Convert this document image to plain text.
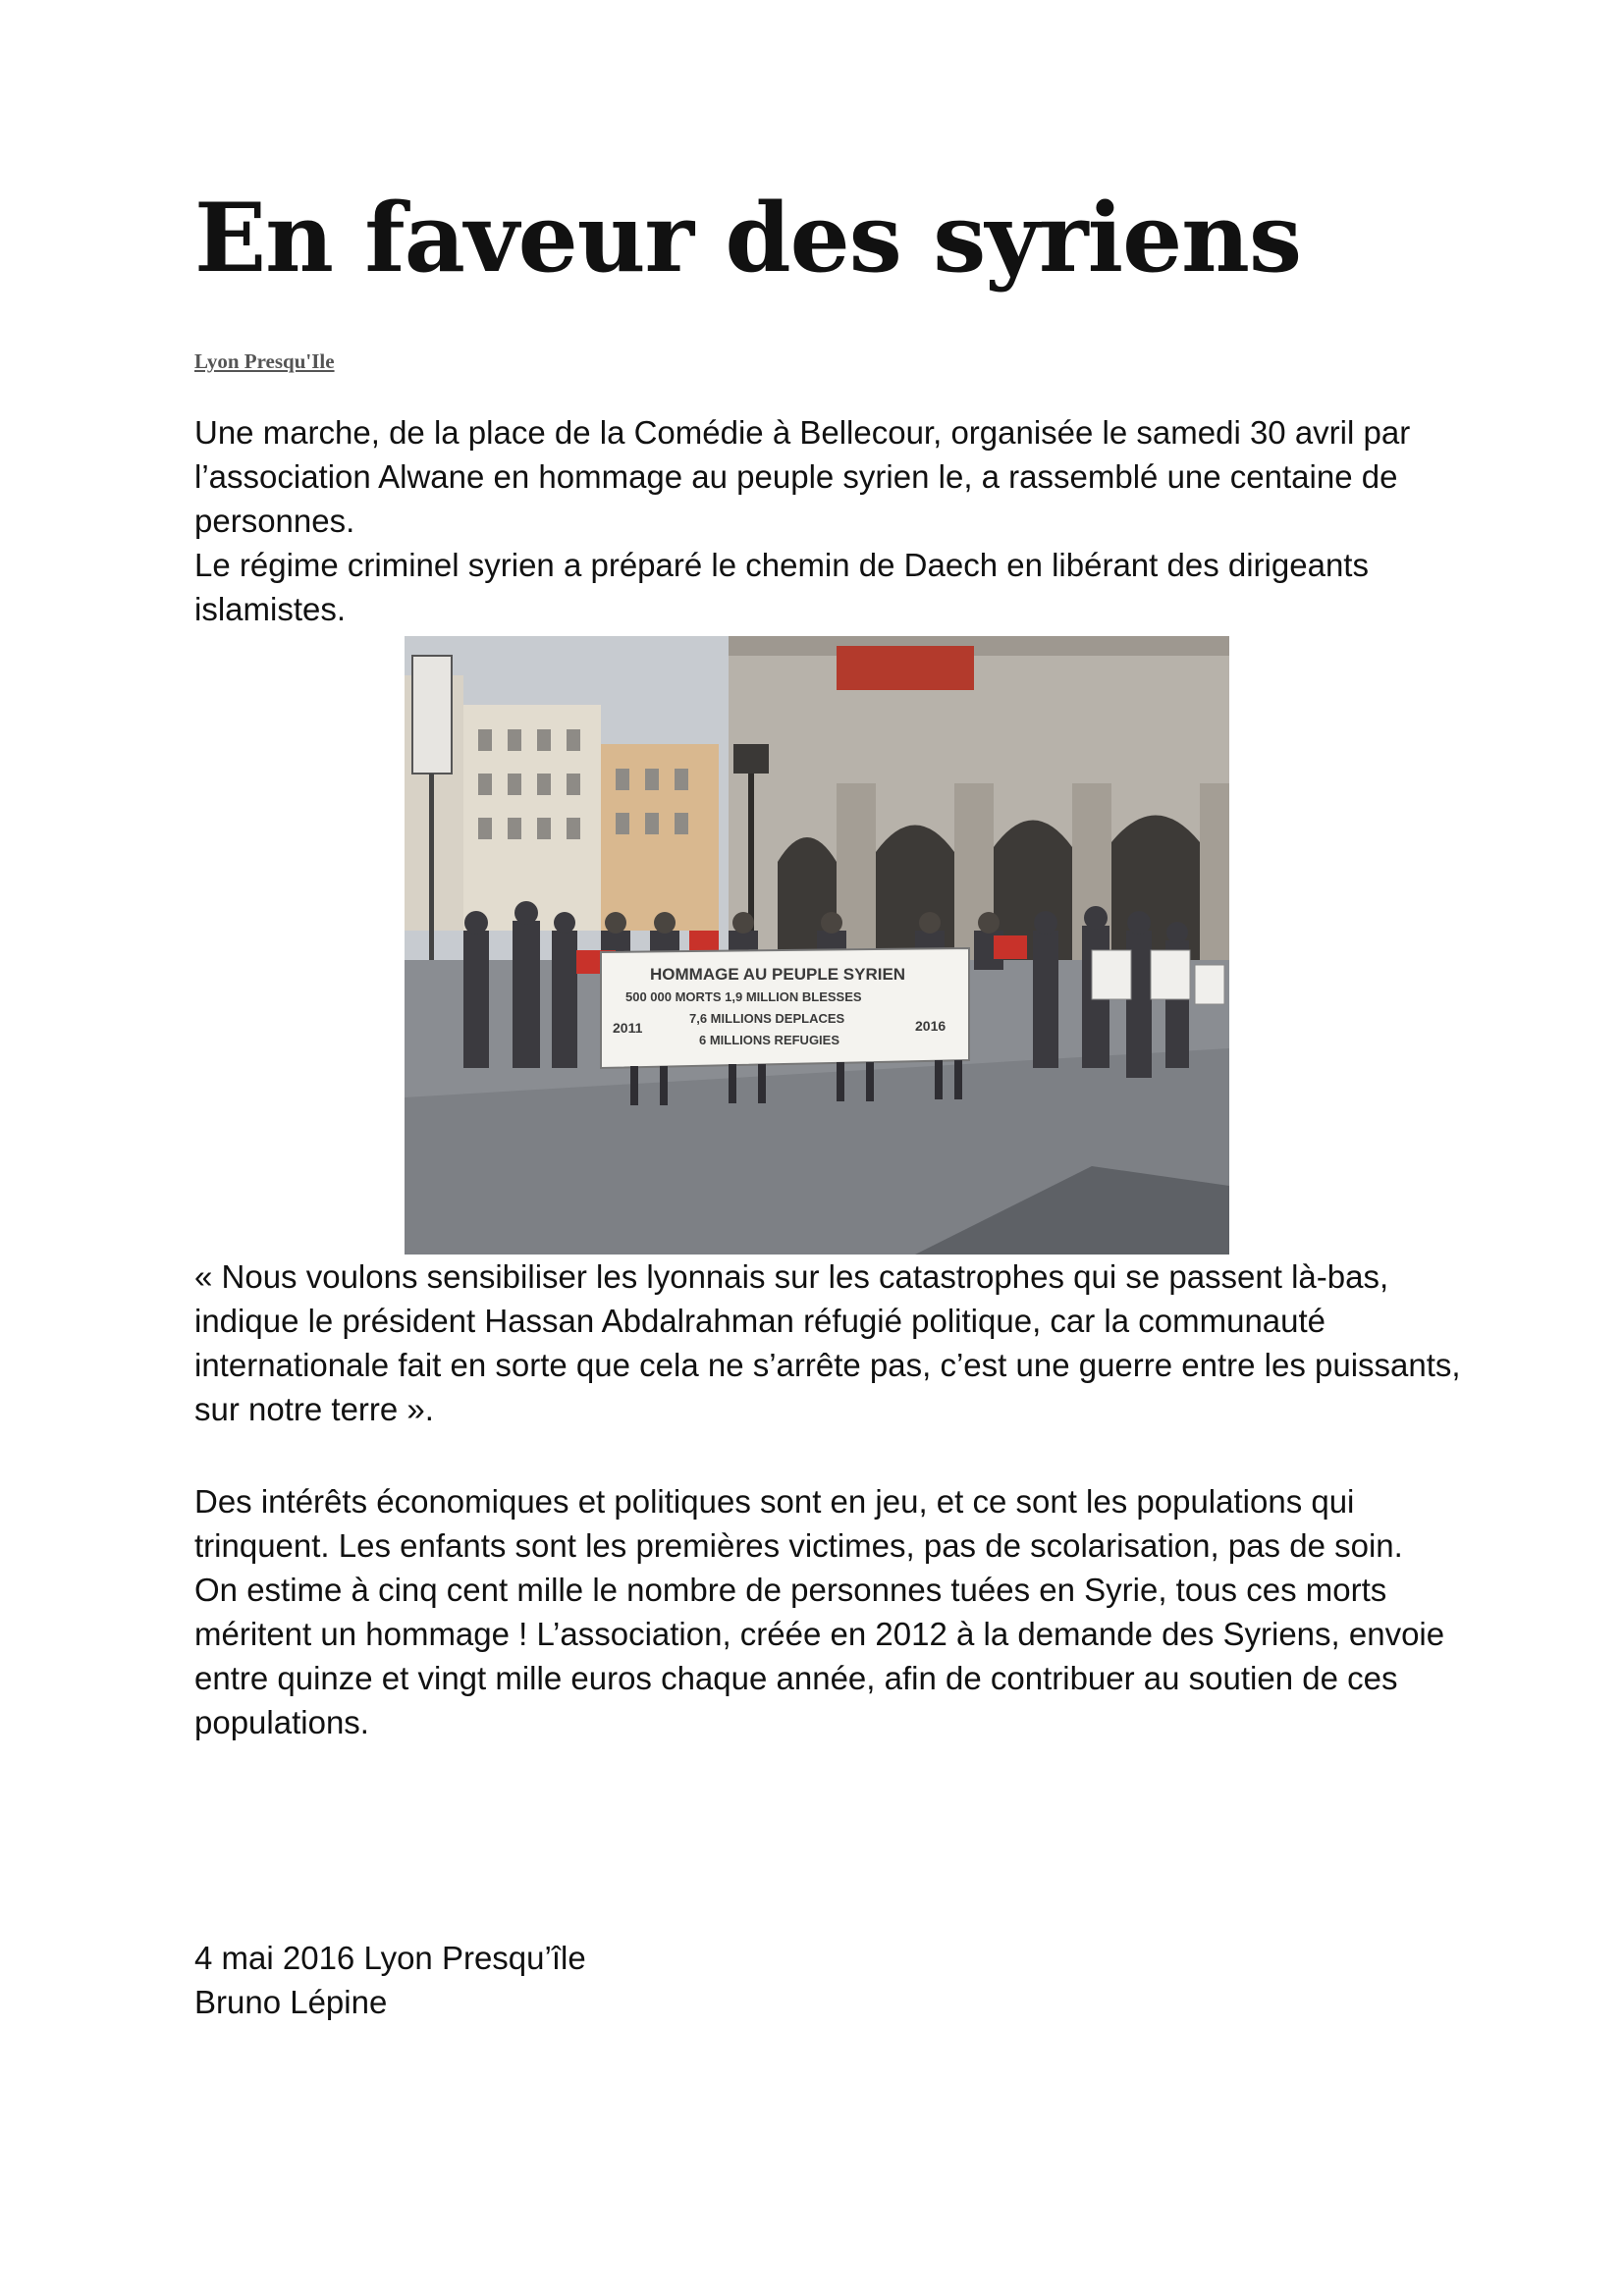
En faveur des syriens
Lyon Presqu'Ile

Une marche, de la place de la Comédie à Bellecour, organisée le samedi 30 avril par l’association Alwane en hommage au peuple syrien le, a rassemblé une centaine de personnes.

Le régime criminel syrien a préparé le chemin de Daech en libérant des dirigeants islamistes.

HOMMAGE AU PEUPLE SYRIEN
500 000 MORTS 1,9 MILLION BLESSES
7,6 MILLIONS DEPLACES
6 MILLIONS REFUGIES
2011	2016

« Nous voulons sensibiliser les lyonnais sur les catastrophes qui se passent là-bas, indique le président Hassan Abdalrahman réfugié politique, car la communauté internationale fait en sorte que cela ne s’arrête pas, c’est une guerre entre les puissants, sur notre terre ».

Des intérêts économiques et politiques sont en jeu, et ce sont les populations qui trinquent. Les enfants sont les premières victimes, pas de scolarisation, pas de soin.

On estime à cinq cent mille le nombre de personnes tuées en Syrie, tous ces morts méritent un hommage ! L’association, créée en 2012 à la demande des Syriens, envoie entre quinze et vingt mille euros chaque année, afin de contribuer au soutien de ces populations.

4 mai 2016 Lyon Presqu’île

Bruno Lépine
